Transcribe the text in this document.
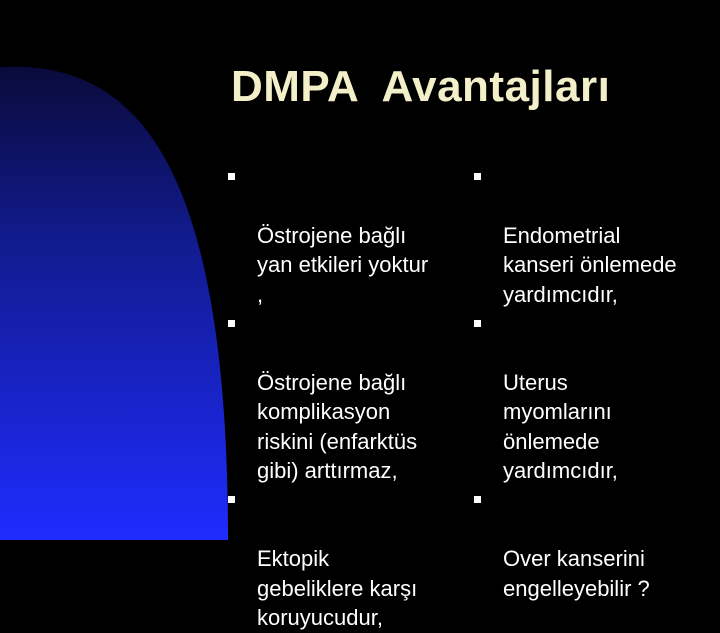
DMPA  Avantajları

Östrojene bağlı
yan etkileri yoktur
,

Östrojene bağlı
komplikasyon
riskini (enfarktüs
gibi) arttırmaz,

Ektopik
gebeliklere karşı
koruyucudur,

Endometrial
kanseri önlemede
yardımcıdır,

Uterus
myomlarını
önlemede
yardımcıdır,

Over kanserini
engelleyebilir ?
